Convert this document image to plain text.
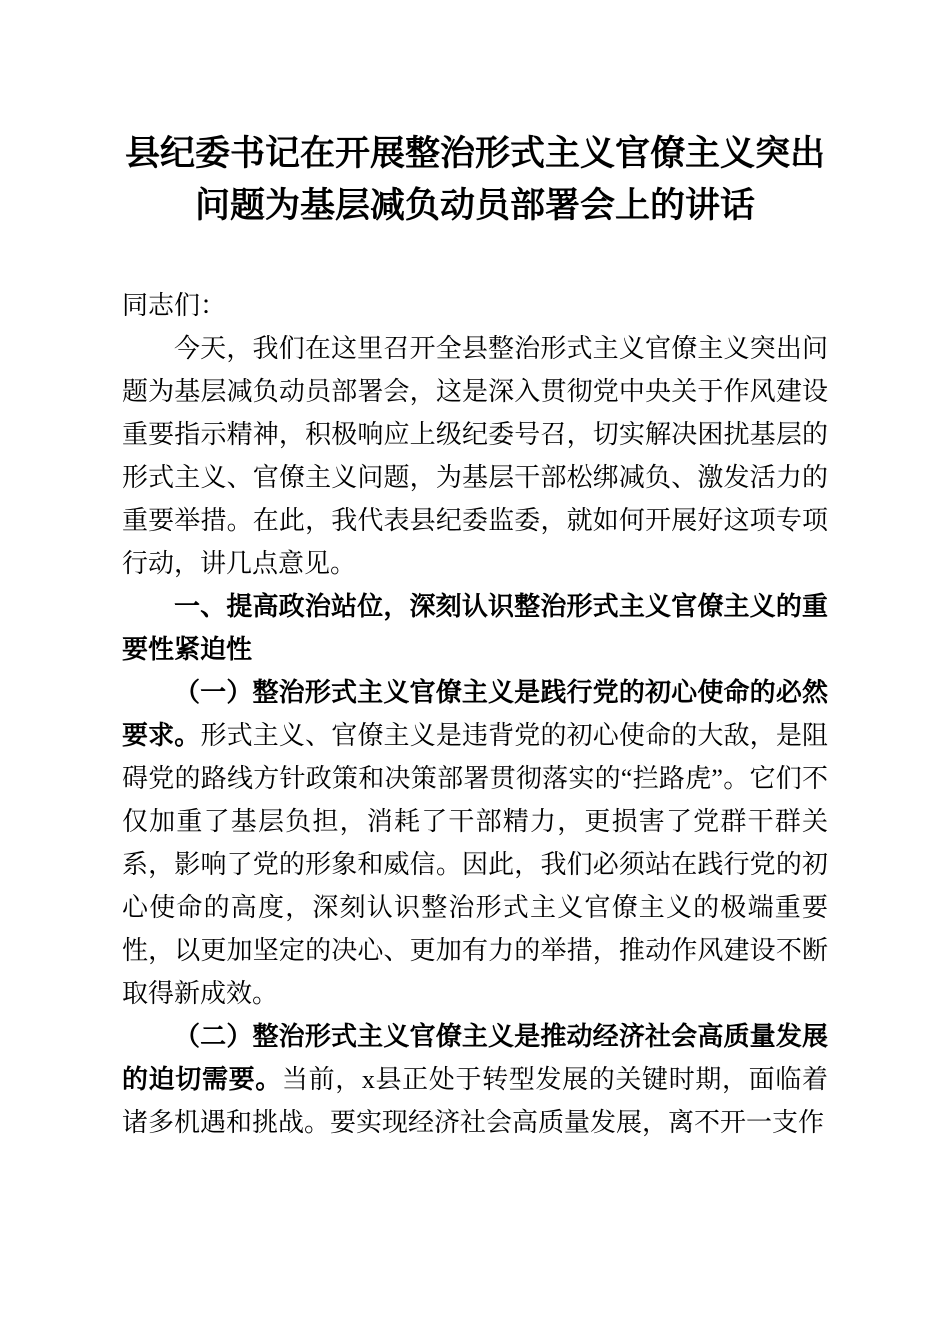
县纪委书记在开展整治形式主义官僚主义突出
问题为基层减负动员部署会上的讲话

同志们：

今天，我们在这里召开全县整治形式主义官僚主义突出问题为基层减负动员部署会，这是深入贯彻党中央关于作风建设重要指示精神，积极响应上级纪委号召，切实解决困扰基层的形式主义、官僚主义问题，为基层干部松绑减负、激发活力的重要举措。在此，我代表县纪委监委，就如何开展好这项专项行动，讲几点意见。

一、提高政治站位，深刻认识整治形式主义官僚主义的重要性紧迫性

（一）整治形式主义官僚主义是践行党的初心使命的必然要求。形式主义、官僚主义是违背党的初心使命的大敌，是阻碍党的路线方针政策和决策部署贯彻落实的“拦路虎”。它们不仅加重了基层负担，消耗了干部精力，更损害了党群干群关系，影响了党的形象和威信。因此，我们必须站在践行党的初心使命的高度，深刻认识整治形式主义官僚主义的极端重要性，以更加坚定的决心、更加有力的举措，推动作风建设不断取得新成效。

（二）整治形式主义官僚主义是推动经济社会高质量发展的迫切需要。当前，x县正处于转型发展的关键时期，面临着诸多机遇和挑战。要实现经济社会高质量发展，离不开一支作
